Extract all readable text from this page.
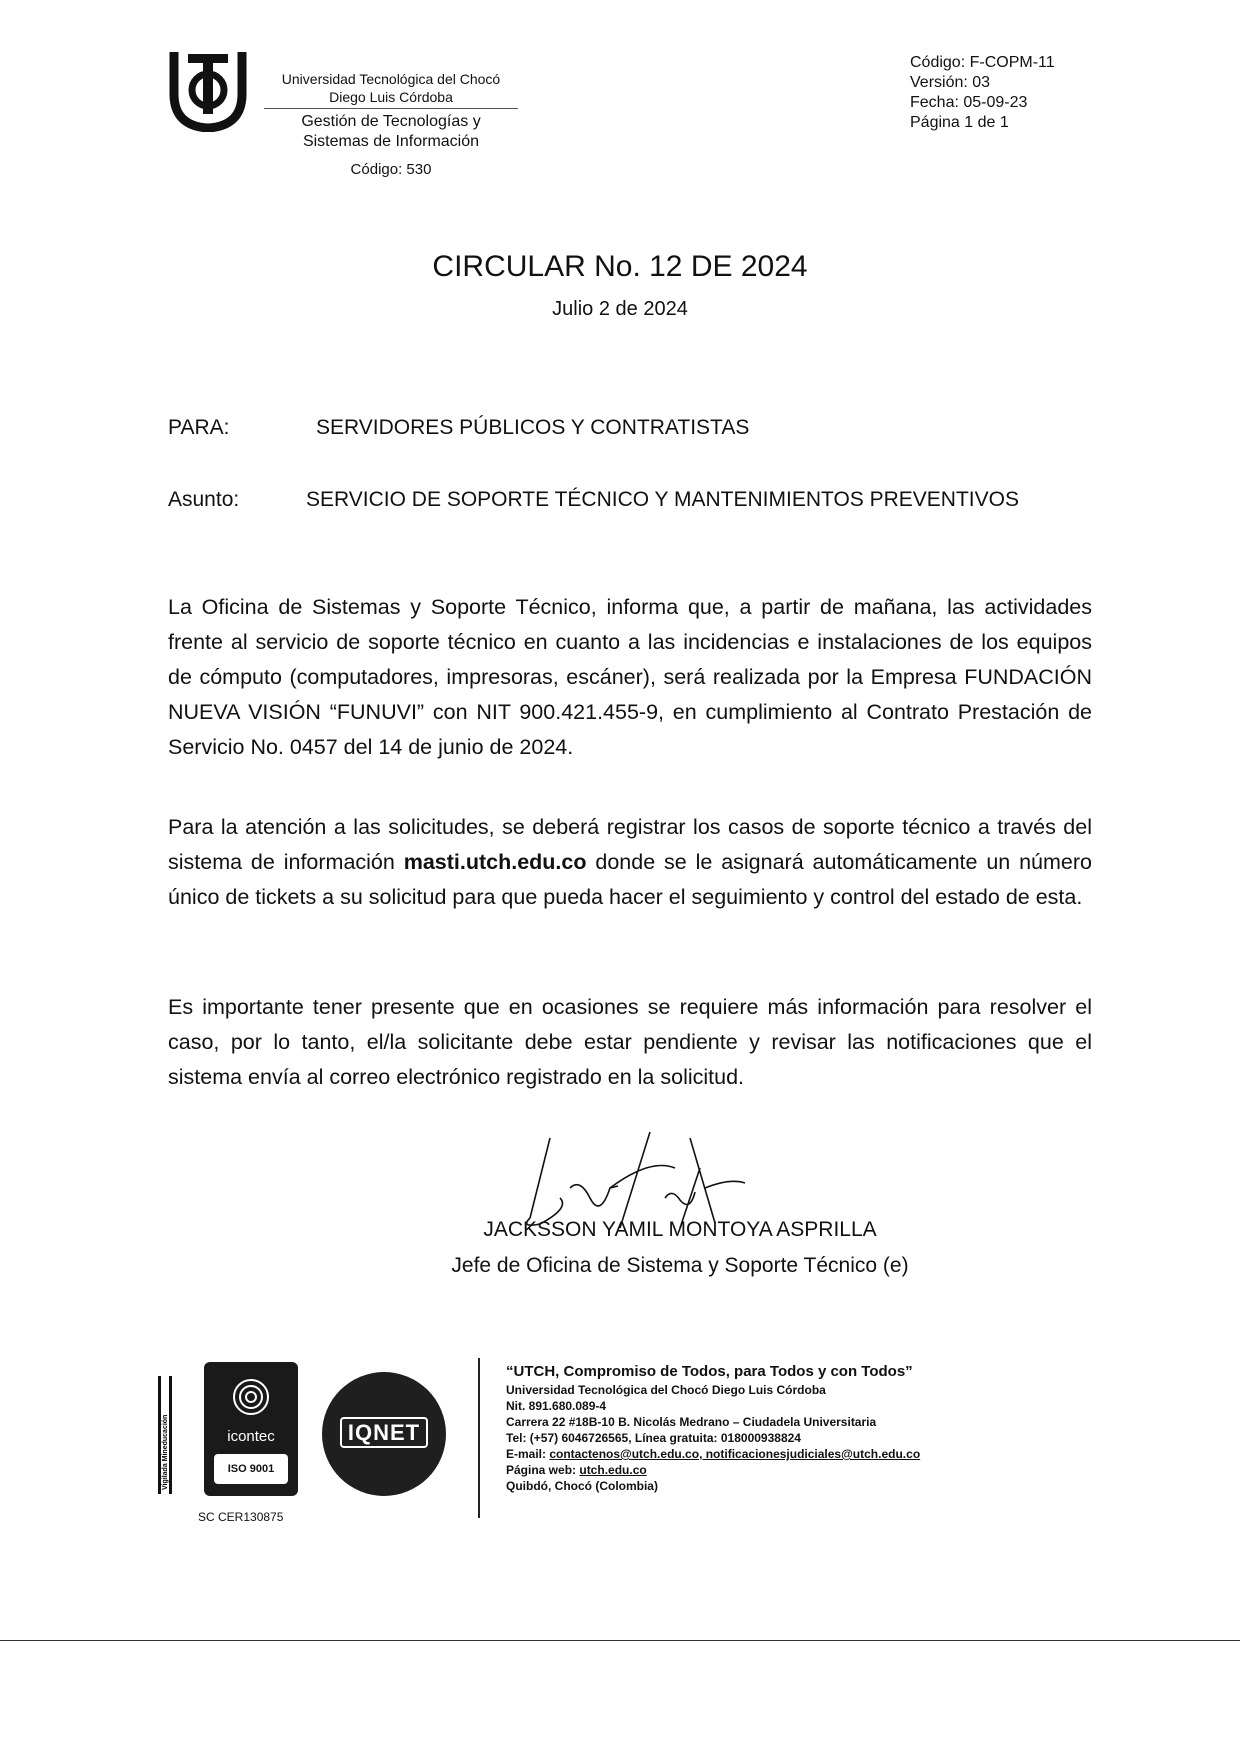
Universidad Tecnológica del Chocó
Diego Luis Córdoba
Gestión de Tecnologías y
Sistemas de Información
Código: 530
Código: F-COPM-11
Versión: 03
Fecha: 05-09-23
Página 1 de 1
CIRCULAR No. 12 DE 2024
Julio 2 de 2024
PARA:	SERVIDORES PÚBLICOS Y CONTRATISTAS
Asunto:	SERVICIO DE SOPORTE TÉCNICO Y MANTENIMIENTOS PREVENTIVOS
La Oficina de Sistemas y Soporte Técnico, informa que, a partir de mañana, las actividades frente al servicio de soporte técnico en cuanto a las incidencias e instalaciones de los equipos de cómputo (computadores, impresoras, escáner), será realizada por la Empresa FUNDACIÓN NUEVA VISIÓN “FUNUVI” con NIT 900.421.455-9, en cumplimiento al Contrato Prestación de Servicio No. 0457 del 14 de junio de 2024.
Para la atención a las solicitudes, se deberá registrar los casos de soporte técnico a través del sistema de información masti.utch.edu.co donde se le asignará automáticamente un número único de tickets a su solicitud para que pueda hacer el seguimiento y control del estado de esta.
Es importante tener presente que en ocasiones se requiere más información para resolver el caso, por lo tanto, el/la solicitante debe estar pendiente y revisar las notificaciones que el sistema envía al correo electrónico registrado en la solicitud.
JACKSSON YAMIL MONTOYA ASPRILLA
Jefe de Oficina de Sistema y Soporte Técnico (e)
Vigilada Mineducación	icontec
ISO 9001
SC CER130875
IQNET
“UTCH, Compromiso de Todos, para Todos y con Todos”
Universidad Tecnológica del Chocó Diego Luis Córdoba
Nit. 891.680.089-4
Carrera 22 #18B-10 B. Nicolás Medrano – Ciudadela Universitaria
Tel: (+57) 6046726565, Línea gratuita: 018000938824
E-mail: contactenos@utch.edu.co, notificacionesjudiciales@utch.edu.co
Página web: utch.edu.co
Quibdó, Chocó (Colombia)
